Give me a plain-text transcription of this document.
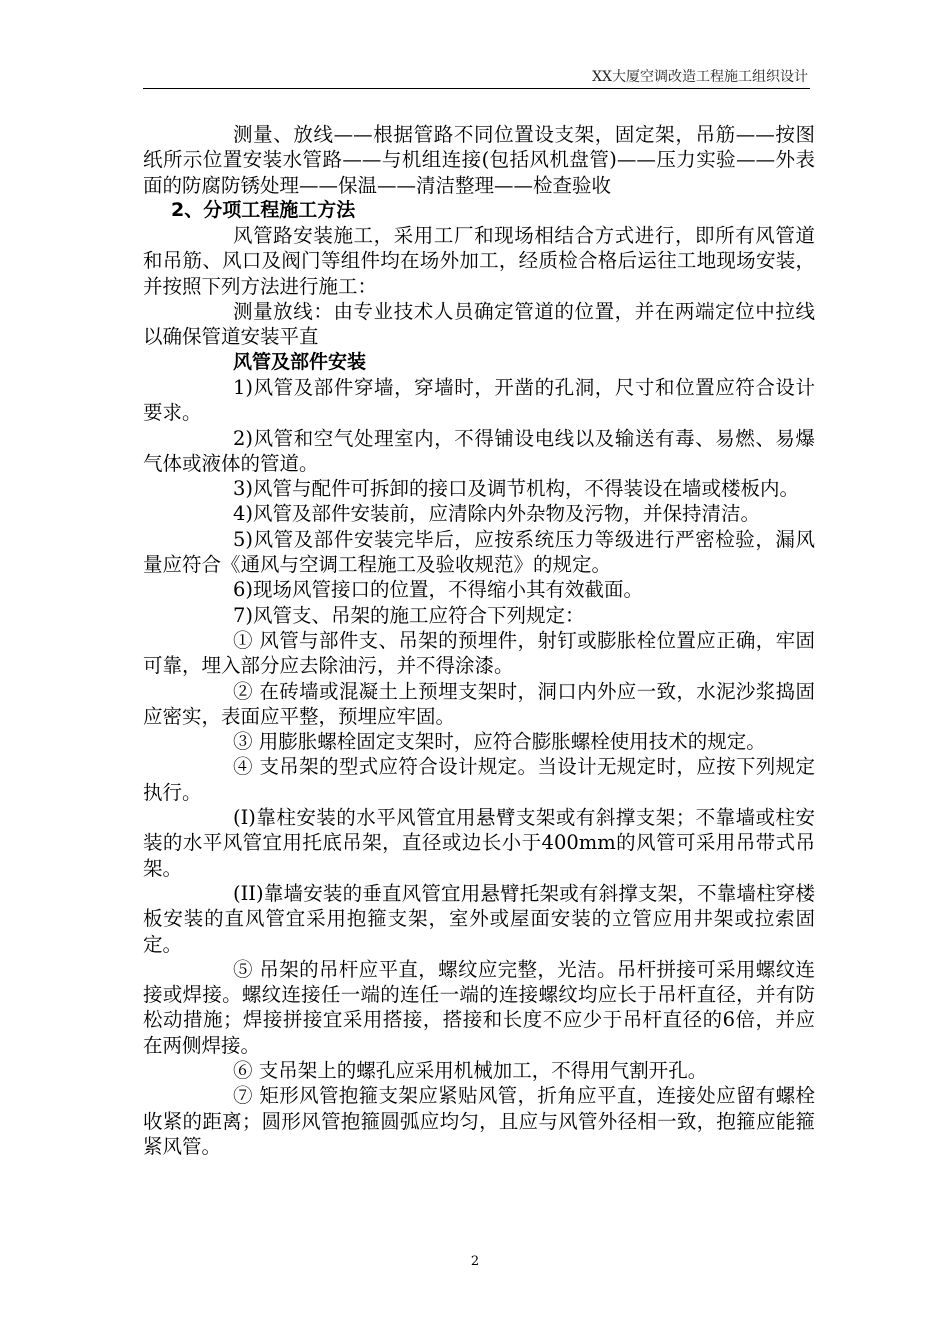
XX大厦空调改造工程施工组织设计

测量、放线——根据管路不同位置设支架，固定架，吊筋——按图纸所示位置安装水管路——与机组连接(包括风机盘管)——压力实验——外表面的防腐防锈处理——保温——清洁整理——检查验收

2、分项工程施工方法

风管路安装施工，采用工厂和现场相结合方式进行，即所有风管道和吊筋、风口及阀门等组件均在场外加工，经质检合格后运往工地现场安装，并按照下列方法进行施工：

测量放线：由专业技术人员确定管道的位置，并在两端定位中拉线以确保管道安装平直

风管及部件安装

1)风管及部件穿墙，穿墙时，开凿的孔洞，尺寸和位置应符合设计要求。

2)风管和空气处理室内，不得铺设电线以及输送有毒、易燃、易爆气体或液体的管道。

3)风管与配件可拆卸的接口及调节机构，不得装设在墙或楼板内。

4)风管及部件安装前，应清除内外杂物及污物，并保持清洁。

5)风管及部件安装完毕后，应按系统压力等级进行严密检验，漏风量应符合《通风与空调工程施工及验收规范》的规定。

6)现场风管接口的位置，不得缩小其有效截面。

7)风管支、吊架的施工应符合下列规定：

① 风管与部件支、吊架的预埋件，射钉或膨胀栓位置应正确，牢固可靠，埋入部分应去除油污，并不得涂漆。

② 在砖墙或混凝土上预埋支架时，洞口内外应一致，水泥沙浆捣固应密实，表面应平整，预埋应牢固。

③ 用膨胀螺栓固定支架时，应符合膨胀螺栓使用技术的规定。

④ 支吊架的型式应符合设计规定。当设计无规定时，应按下列规定执行。

(I)靠柱安装的水平风管宜用悬臂支架或有斜撑支架；不靠墙或柱安装的水平风管宜用托底吊架，直径或边长小于400mm的风管可采用吊带式吊架。

(II)靠墙安装的垂直风管宜用悬臂托架或有斜撑支架，不靠墙柱穿楼板安装的直风管宜采用抱箍支架，室外或屋面安装的立管应用井架或拉索固定。

⑤ 吊架的吊杆应平直，螺纹应完整，光洁。吊杆拼接可采用螺纹连接或焊接。螺纹连接任一端的连任一端的连接螺纹均应长于吊杆直径，并有防松动措施；焊接拼接宜采用搭接，搭接和长度不应少于吊杆直径的6倍，并应在两侧焊接。

⑥ 支吊架上的螺孔应采用机械加工，不得用气割开孔。

⑦ 矩形风管抱箍支架应紧贴风管，折角应平直，连接处应留有螺栓收紧的距离；圆形风管抱箍圆弧应均匀，且应与风管外径相一致，抱箍应能箍紧风管。

2
